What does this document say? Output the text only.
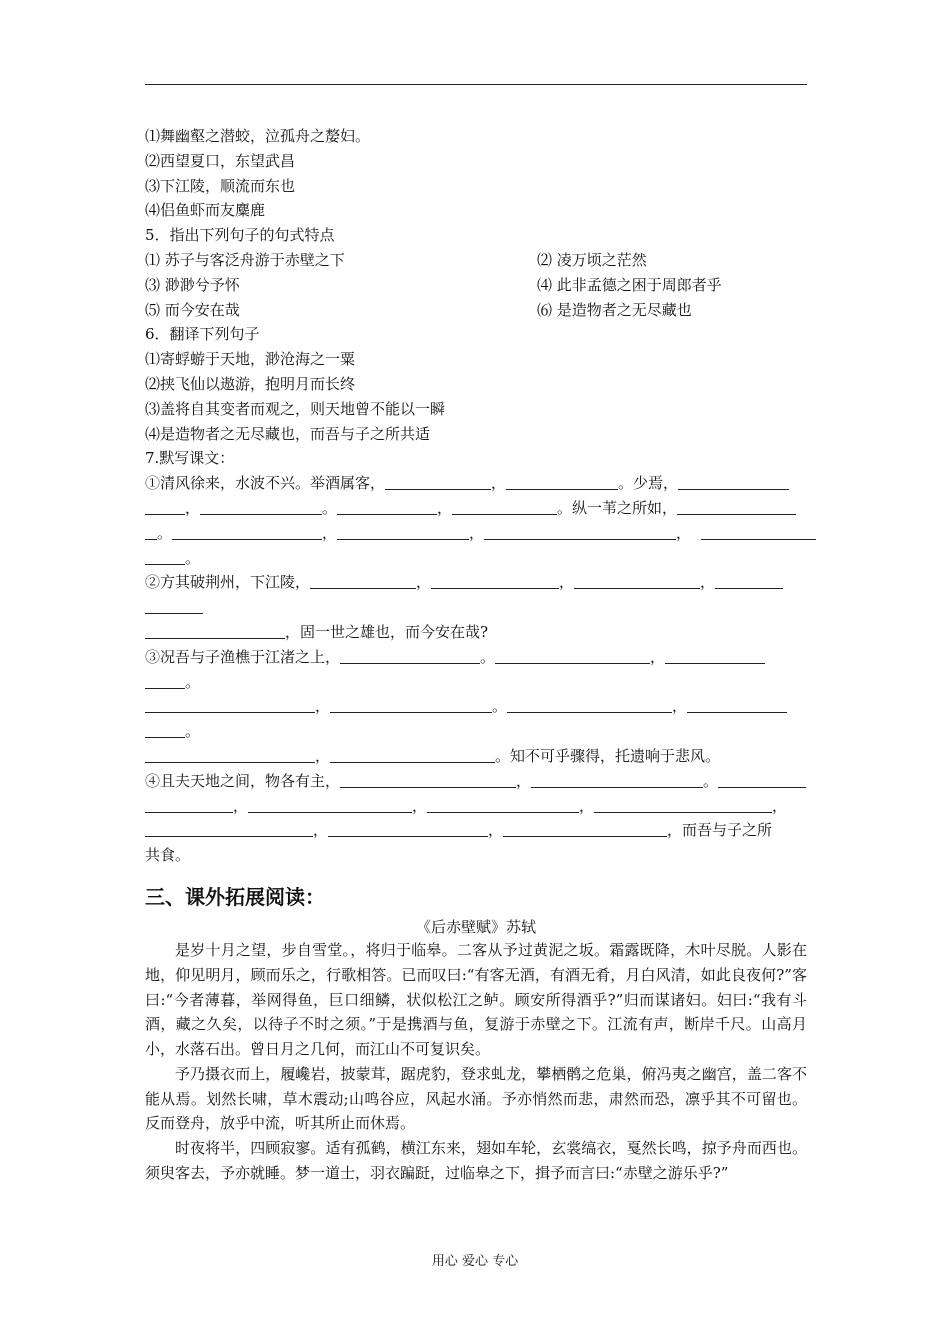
⑴舞幽壑之潜蛟，泣孤舟之嫠妇。
⑵西望夏口，东望武昌
⑶下江陵，顺流而东也
⑷侣鱼虾而友麋鹿
5．指出下列句子的句式特点
⑴ 苏子与客泛舟游于赤壁之下	⑵ 凌万顷之茫然
⑶ 渺渺兮予怀	⑷ 此非孟德之困于周郎者乎
⑸ 而今安在哉	⑹ 是造物者之无尽藏也
6．翻译下列句子
⑴寄蜉蝣于天地，渺沧海之一粟
⑵挟飞仙以遨游，抱明月而长终
⑶盖将自其变者而观之，则天地曾不能以一瞬
⑷是造物者之无尽藏也，而吾与子之所共适
7.默写课文：
①清风徐来，水波不兴。举酒属客，	，	。少焉，
，	。	，	。纵一苇之所如，
。	，	，	，
。
②方其破荆州，下江陵，	，	，	，
，固一世之雄也，而今安在哉?
③况吾与子渔樵于江渚之上，	。	，
。
，	。	，
。
，	。知不可乎骤得，托遗响于悲风。
④且夫天地之间，物各有主，	，	。
，	，	，	，
，	，	，而吾与子之所
共食。
三、课外拓展阅读：
《后赤壁赋》苏轼

是岁十月之望，步自雪堂。，将归于临皋。二客从予过黄泥之坂。霜露既降，木叶尽脱。人影在地，仰见明月，顾而乐之，行歌相答。已而叹曰:“有客无酒，有酒无肴，月白风清，如此良夜何?”客曰:“今者薄暮，举网得鱼，巨口细鳞，状似松江之鲈。顾安所得酒乎?”归而谋诸妇。妇曰:“我有斗酒，藏之久矣，以待子不时之须。”于是携酒与鱼，复游于赤壁之下。江流有声，断岸千尺。山高月小，水落石出。曾日月之几何，而江山不可复识矣。

予乃摄衣而上，履巉岩，披蒙茸，踞虎豹，登求虬龙，攀栖鹘之危巢，俯冯夷之幽宫，盖二客不能从焉。划然长啸，草木震动;山鸣谷应，风起水涌。予亦悄然而悲，肃然而恐，凛乎其不可留也。反而登舟，放乎中流，听其所止而休焉。

时夜将半，四顾寂寥。适有孤鹤，横江东来，翅如车轮，玄裳缟衣，戛然长鸣，掠予舟而西也。须臾客去，予亦就睡。梦一道士，羽衣蹁跹，过临皋之下，揖予而言曰:“赤壁之游乐乎?”

用心 爱心 专心
